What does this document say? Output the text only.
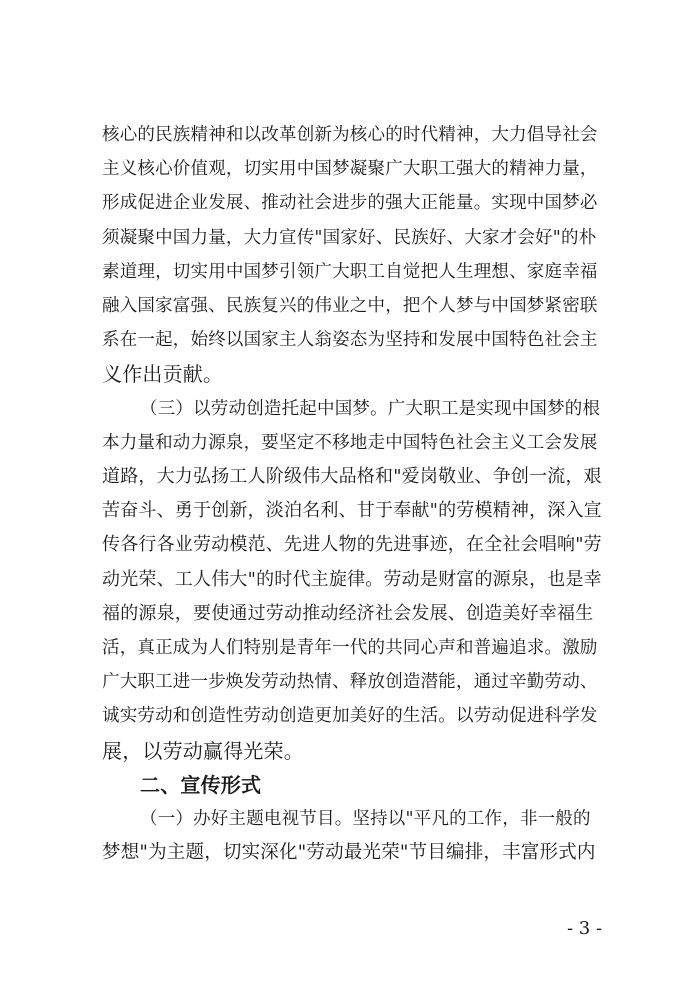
核心的民族精神和以改革创新为核心的时代精神，大力倡导社会
主义核心价值观，切实用中国梦凝聚广大职工强大的精神力量，
形成促进企业发展、推动社会进步的强大正能量。实现中国梦必
须凝聚中国力量，大力宣传"国家好、民族好、大家才会好"的朴
素道理，切实用中国梦引领广大职工自觉把人生理想、家庭幸福
融入国家富强、民族复兴的伟业之中，把个人梦与中国梦紧密联
系在一起，始终以国家主人翁姿态为坚持和发展中国特色社会主
义作出贡献。
（三）以劳动创造托起中国梦。广大职工是实现中国梦的根
本力量和动力源泉，要坚定不移地走中国特色社会主义工会发展
道路，大力弘扬工人阶级伟大品格和"爱岗敬业、争创一流，艰
苦奋斗、勇于创新，淡泊名利、甘于奉献"的劳模精神，深入宣
传各行各业劳动模范、先进人物的先进事迹，在全社会唱响"劳
动光荣、工人伟大"的时代主旋律。劳动是财富的源泉，也是幸
福的源泉，要使通过劳动推动经济社会发展、创造美好幸福生
活，真正成为人们特别是青年一代的共同心声和普遍追求。激励
广大职工进一步焕发劳动热情、释放创造潜能，通过辛勤劳动、
诚实劳动和创造性劳动创造更加美好的生活。以劳动促进科学发
展，以劳动赢得光荣。
二、宣传形式
（一）办好主题电视节目。坚持以"平凡的工作，非一般的
梦想"为主题，切实深化"劳动最光荣"节目编排，丰富形式内
- 3 -
